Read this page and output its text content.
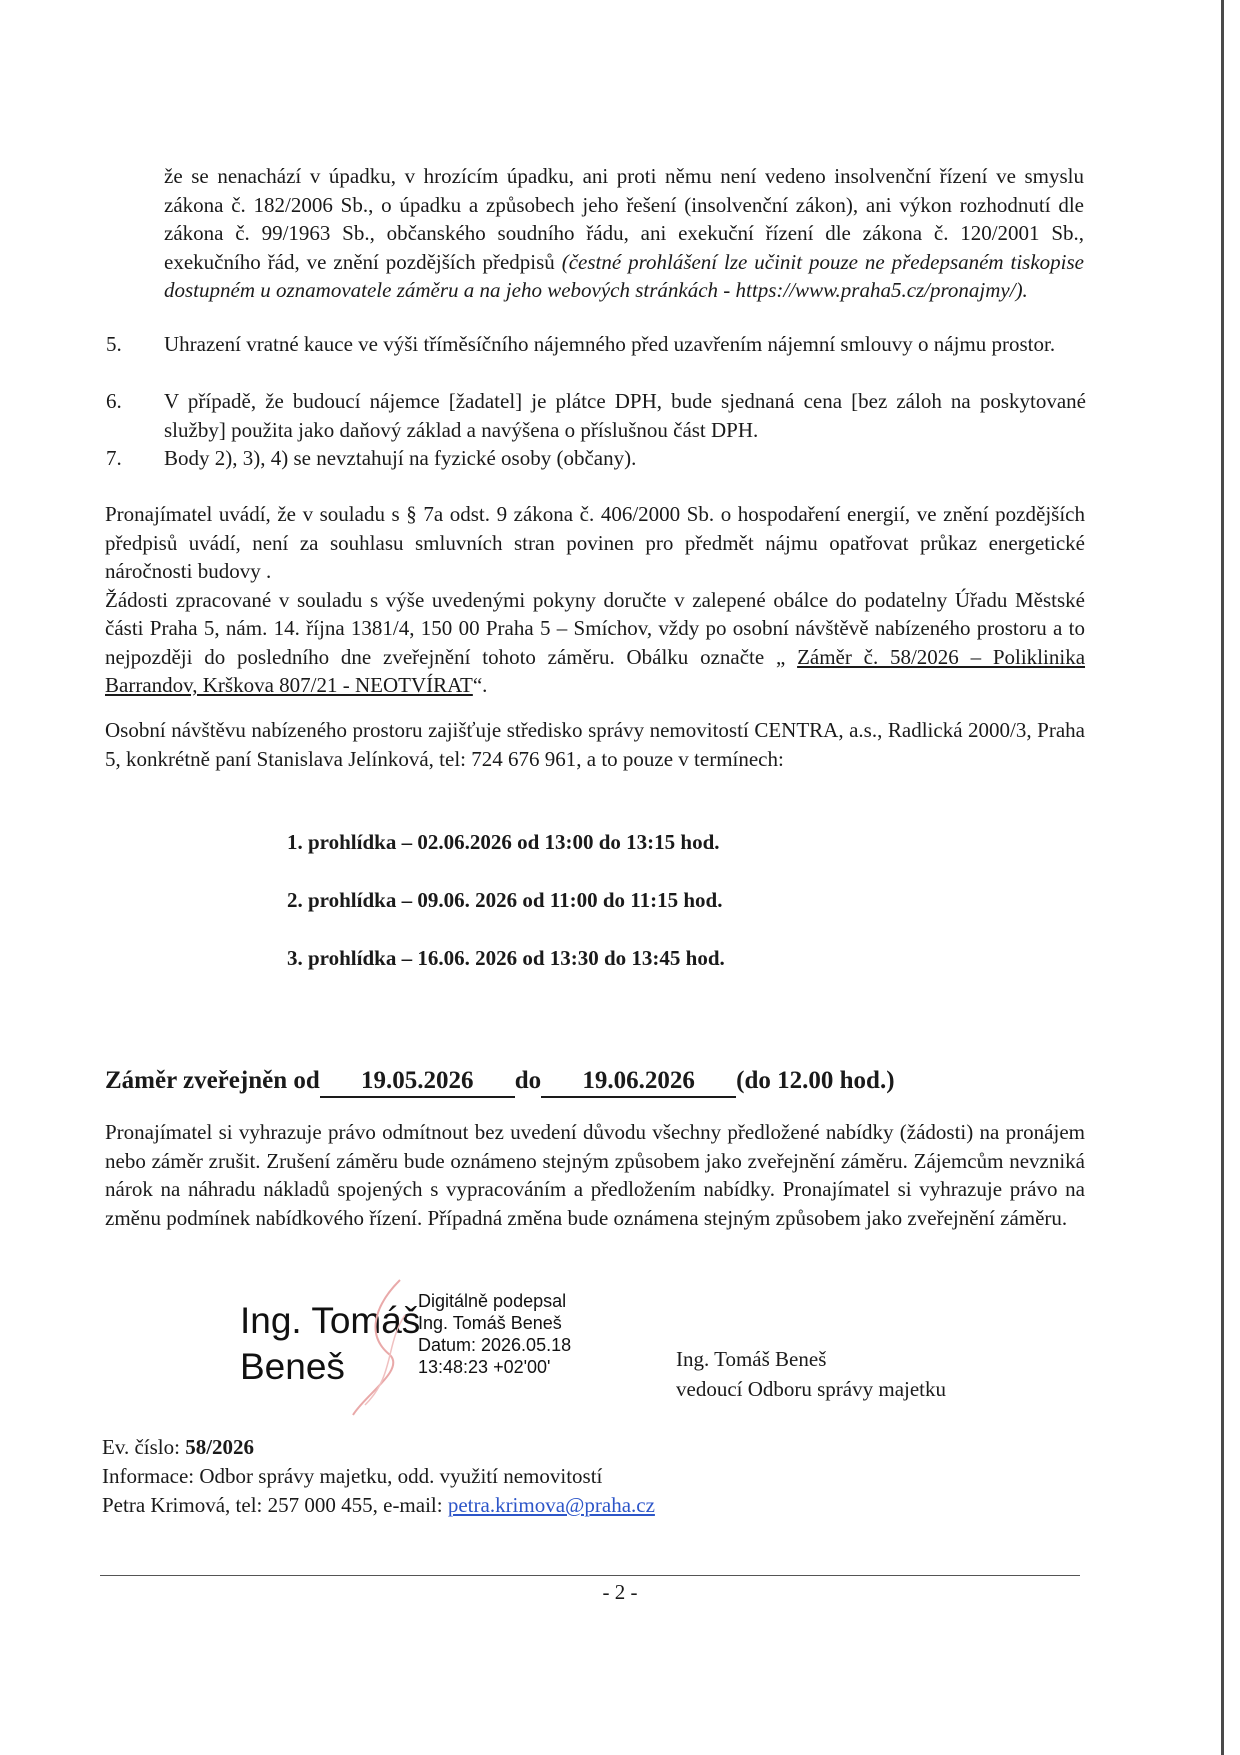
že se nenachází v úpadku, v hrozícím úpadku, ani proti němu není vedeno insolvenční řízení ve smyslu zákona č. 182/2006 Sb., o úpadku a způsobech jeho řešení (insolvenční zákon), ani výkon rozhodnutí dle zákona č. 99/1963 Sb., občanského soudního řádu, ani exekuční řízení dle zákona č. 120/2001 Sb., exekučního řád, ve znění pozdějších předpisů (čestné prohlášení lze učinit pouze ne předepsaném tiskopise dostupném u oznamovatele záměru a na jeho webových stránkách - https://www.praha5.cz/pronajmy/).
5. Uhrazení vratné kauce ve výši tříměsíčního nájemného před uzavřením nájemní smlouvy o nájmu prostor.
6. V případě, že budoucí nájemce [žadatel] je plátce DPH, bude sjednaná cena [bez záloh na poskytované služby] použita jako daňový základ a navýšena o příslušnou část DPH.
7. Body 2), 3), 4) se nevztahují na fyzické osoby (občany).

Pronajímatel uvádí, že v souladu s § 7a odst. 9 zákona č. 406/2000 Sb. o hospodaření energií, ve znění pozdějších předpisů uvádí, není za souhlasu smluvních stran povinen pro předmět nájmu opatřovat průkaz energetické náročnosti budovy .

Žádosti zpracované v souladu s výše uvedenými pokyny doručte v zalepené obálce do podatelny Úřadu Městské části Praha 5, nám. 14. října 1381/4, 150 00 Praha 5 – Smíchov, vždy po osobní návštěvě nabízeného prostoru a to nejpozději do posledního dne zveřejnění tohoto záměru. Obálku označte „ Záměr č. 58/2026 – Poliklinika Barrandov, Krškova 807/21 - NEOTVÍRAT“.

Osobní návštěvu nabízeného prostoru zajišťuje středisko správy nemovitostí CENTRA, a.s., Radlická 2000/3, Praha 5, konkrétně paní Stanislava Jelínková, tel: 724 676 961, a to pouze v termínech:

1. prohlídka – 02.06.2026 od 13:00 do 13:15 hod.
2. prohlídka – 09.06. 2026 od 11:00 do 11:15 hod.
3. prohlídka – 16.06. 2026 od 13:30 do 13:45 hod.
Záměr zveřejněn od 19.05.2026 do 19.06.2026 (do 12.00 hod.)

Pronajímatel si vyhrazuje právo odmítnout bez uvedení důvodu všechny předložené nabídky (žádosti) na pronájem nebo záměr zrušit. Zrušení záměru bude oznámeno stejným způsobem jako zveřejnění záměru. Zájemcům nevzniká nárok na náhradu nákladů spojených s vypracováním a předložením nabídky. Pronajímatel si vyhrazuje právo na změnu podmínek nabídkového řízení. Případná změna bude oznámena stejným způsobem jako zveřejnění záměru.

Ing. Tomáš
Beneš
Digitálně podepsal
Ing. Tomáš Beneš
Datum: 2026.05.18
13:48:23 +02'00'	Ing. Tomáš Beneš
vedoucí Odboru správy majetku
Ev. číslo: 58/2026
Informace: Odbor správy majetku, odd. využití nemovitostí
Petra Krimová, tel: 257 000 455, e-mail: petra.krimova@praha.cz
- 2 -
